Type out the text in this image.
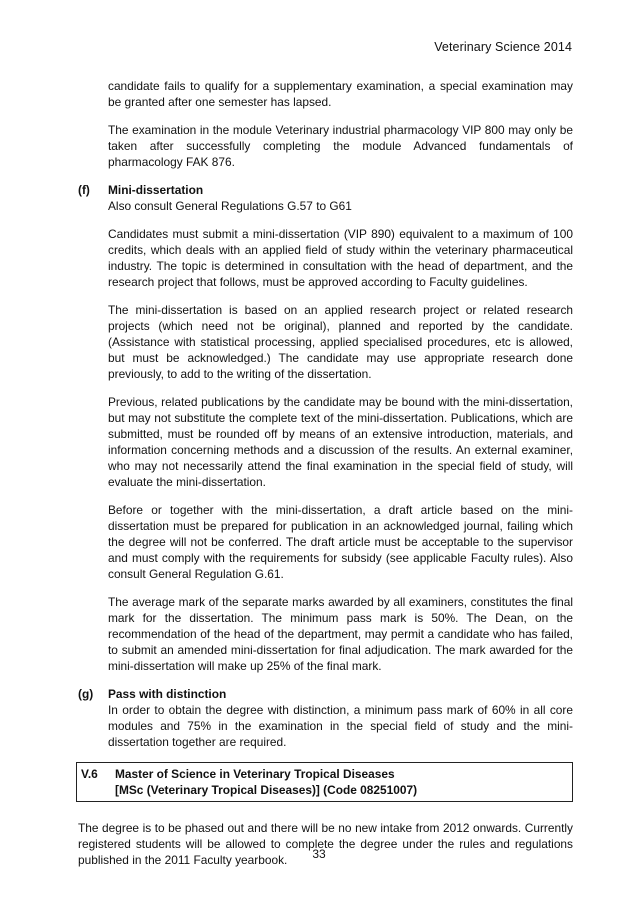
Veterinary Science 2014

candidate fails to qualify for a supplementary examination, a special examination may be granted after one semester has lapsed.

The examination in the module Veterinary industrial pharmacology VIP 800 may only be taken after successfully completing the module Advanced fundamentals of pharmacology FAK 876.

(f)	Mini-dissertation
Also consult General Regulations G.57 to G61

Candidates must submit a mini-dissertation (VIP 890) equivalent to a maximum of 100 credits, which deals with an applied field of study within the veterinary pharmaceutical industry. The topic is determined in consultation with the head of department, and the research project that follows, must be approved according to Faculty guidelines.

The mini-dissertation is based on an applied research project or related research projects (which need not be original), planned and reported by the candidate. (Assistance with statistical processing, applied specialised procedures, etc is allowed, but must be acknowledged.) The candidate may use appropriate research done previously, to add to the writing of the dissertation.

Previous, related publications by the candidate may be bound with the mini-dissertation, but may not substitute the complete text of the mini-dissertation. Publications, which are submitted, must be rounded off by means of an extensive introduction, materials, and information concerning methods and a discussion of the results. An external examiner, who may not necessarily attend the final examination in the special field of study, will evaluate the mini-dissertation.

Before or together with the mini-dissertation, a draft article based on the mini-dissertation must be prepared for publication in an acknowledged journal, failing which the degree will not be conferred. The draft article must be acceptable to the supervisor and must comply with the requirements for subsidy (see applicable Faculty rules). Also consult General Regulation G.61.

The average mark of the separate marks awarded by all examiners, constitutes the final mark for the dissertation. The minimum pass mark is 50%. The Dean, on the recommendation of the head of the department, may permit a candidate who has failed, to submit an amended mini-dissertation for final adjudication. The mark awarded for the mini-dissertation will make up 25% of the final mark.

(g)	Pass with distinction

In order to obtain the degree with distinction, a minimum pass mark of 60% in all core modules and 75% in the examination in the special field of study and the mini-dissertation together are required.

V.6 Master of Science in Veterinary Tropical Diseases
[MSc (Veterinary Tropical Diseases)] (Code 08251007)

The degree is to be phased out and there will be no new intake from 2012 onwards. Currently registered students will be allowed to complete the degree under the rules and regulations published in the 2011 Faculty yearbook.	33
